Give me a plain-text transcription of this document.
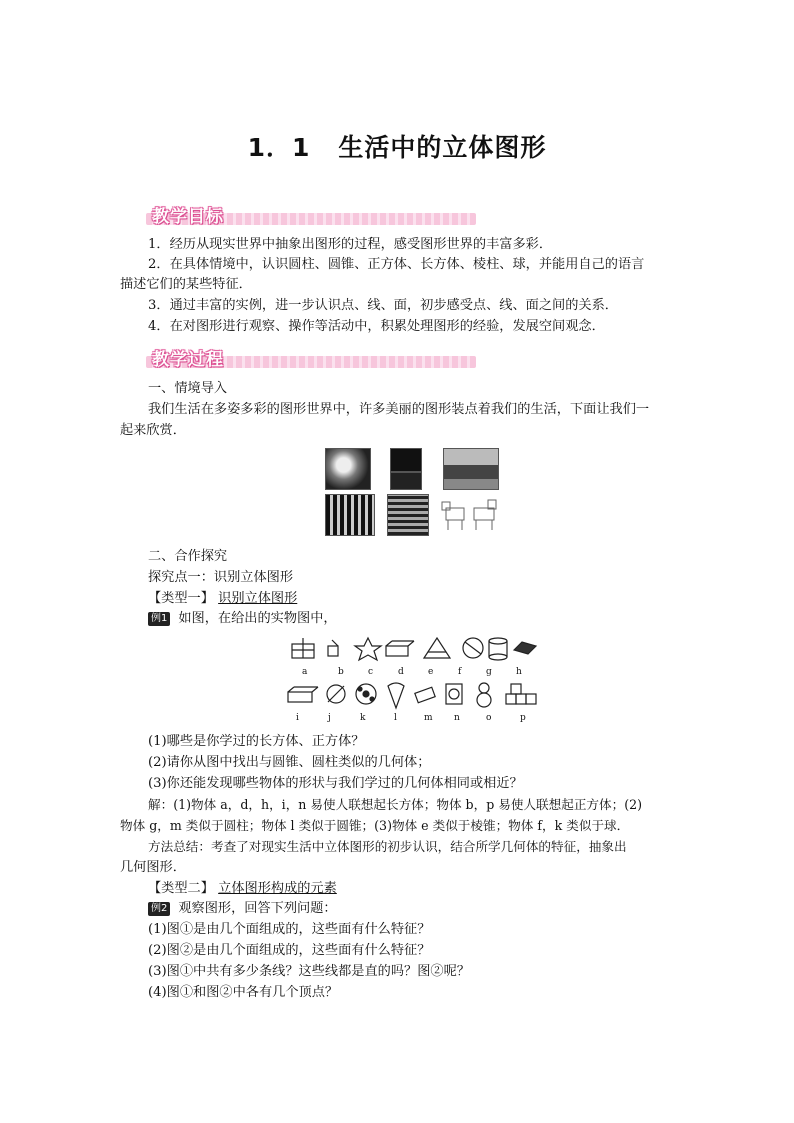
1．1 生活中的立体图形
教学目标
1．经历从现实世界中抽象出图形的过程，感受图形世界的丰富多彩．
2．在具体情境中，认识圆柱、圆锥、正方体、长方体、棱柱、球，并能用自己的语言
描述它们的某些特征．
3．通过丰富的实例，进一步认识点、线、面，初步感受点、线、面之间的关系．
4．在对图形进行观察、操作等活动中，积累处理图形的经验，发展空间观念．
教学过程
一、情境导入
我们生活在多姿多彩的图形世界中，许多美丽的图形装点着我们的生活，下面让我们一
起来欣赏．
二、合作探究
探究点一：识别立体图形
【类型一】 识别立体图形
例1 如图，在给出的实物图中，
a	b	c	d	e	f	g	h
i	j	k	l	m n	o	p
(1)哪些是你学过的长方体、正方体？
(2)请你从图中找出与圆锥、圆柱类似的几何体；
(3)你还能发现哪些物体的形状与我们学过的几何体相同或相近？
解：(1)物体 a，d，h，i，n 易使人联想起长方体；物体 b，p 易使人联想起正方体；(2)
物体 g，m 类似于圆柱；物体 l 类似于圆锥；(3)物体 e 类似于棱锥；物体 f，k 类似于球．
方法总结：考查了对现实生活中立体图形的初步认识，结合所学几何体的特征，抽象出
几何图形．
【类型二】 立体图形构成的元素
例2 观察图形，回答下列问题：
(1)图①是由几个面组成的，这些面有什么特征？
(2)图②是由几个面组成的，这些面有什么特征？
(3)图①中共有多少条线？这些线都是直的吗？图②呢？
(4)图①和图②中各有几个顶点？
